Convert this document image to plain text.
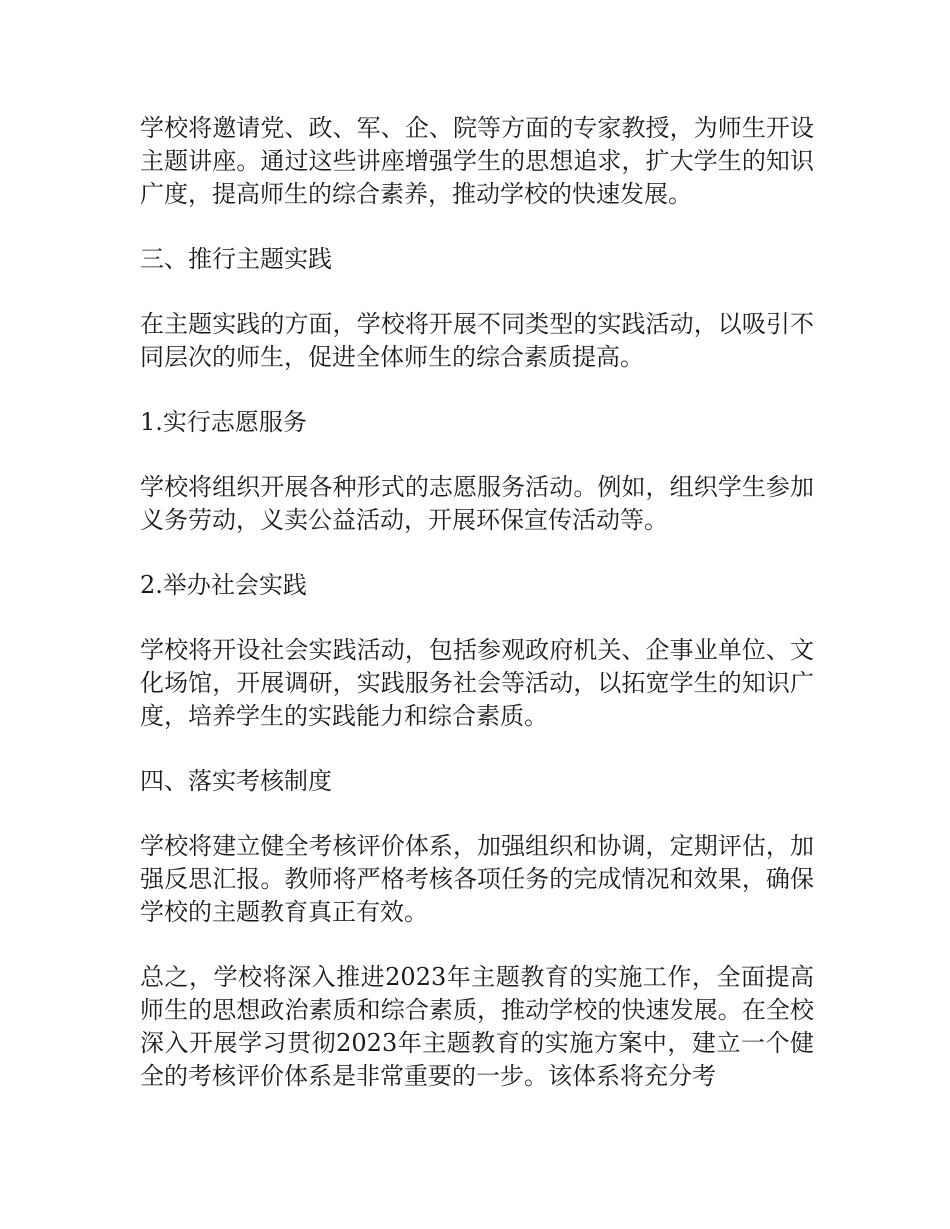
学校将邀请党、政、军、企、院等方面的专家教授，为师生开设主题讲座。通过这些讲座增强学生的思想追求，扩大学生的知识广度，提高师生的综合素养，推动学校的快速发展。

三、推行主题实践

在主题实践的方面，学校将开展不同类型的实践活动，以吸引不同层次的师生，促进全体师生的综合素质提高。

1.实行志愿服务

学校将组织开展各种形式的志愿服务活动。例如，组织学生参加义务劳动，义卖公益活动，开展环保宣传活动等。

2.举办社会实践

学校将开设社会实践活动，包括参观政府机关、企事业单位、文化场馆，开展调研，实践服务社会等活动，以拓宽学生的知识广度，培养学生的实践能力和综合素质。

四、落实考核制度

学校将建立健全考核评价体系，加强组织和协调，定期评估，加强反思汇报。教师将严格考核各项任务的完成情况和效果，确保学校的主题教育真正有效。

总之，学校将深入推进2023年主题教育的实施工作，全面提高师生的思想政治素质和综合素质，推动学校的快速发展。在全校深入开展学习贯彻2023年主题教育的实施方案中，建立一个健全的考核评价体系是非常重要的一步。该体系将充分考
